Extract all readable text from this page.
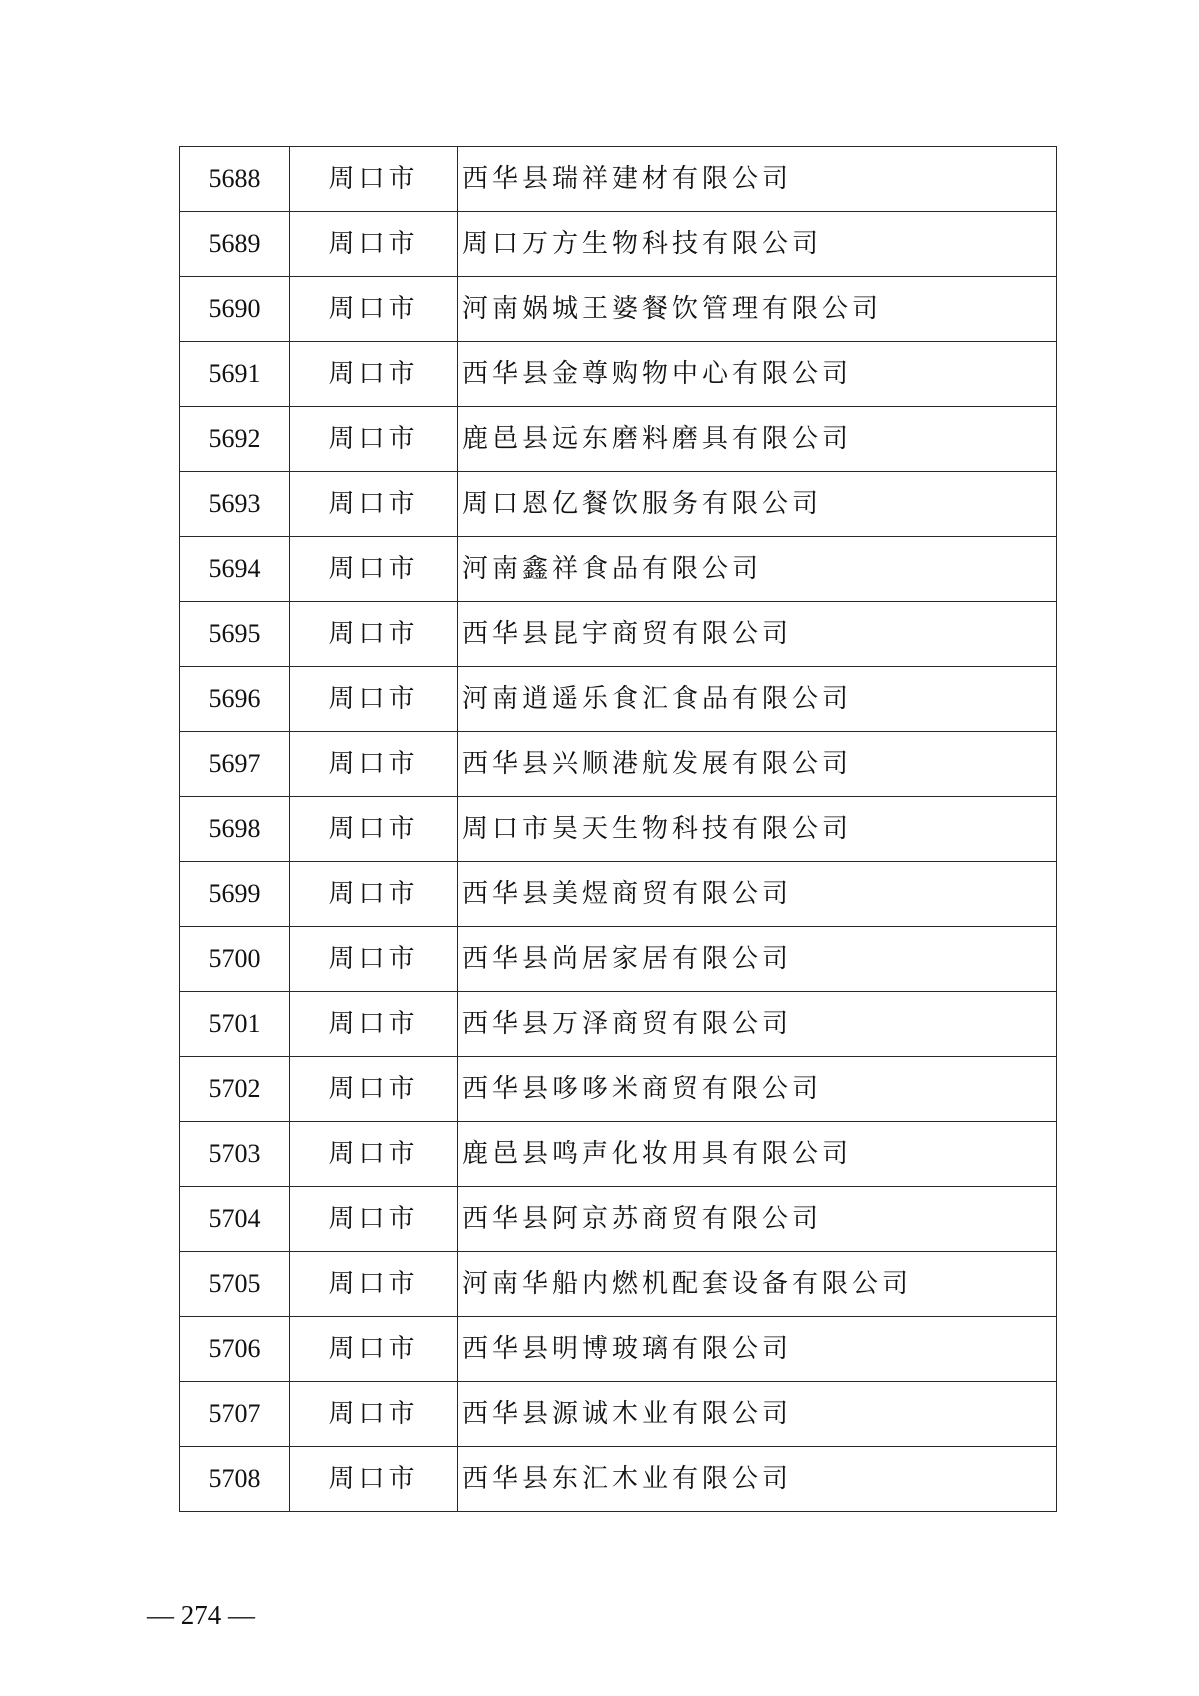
5688	周口市	西华县瑞祥建材有限公司
5689	周口市	周口万方生物科技有限公司
5690	周口市	河南娲城王婆餐饮管理有限公司
5691	周口市	西华县金尊购物中心有限公司
5692	周口市	鹿邑县远东磨料磨具有限公司
5693	周口市	周口恩亿餐饮服务有限公司
5694	周口市	河南鑫祥食品有限公司
5695	周口市	西华县昆宇商贸有限公司
5696	周口市	河南逍遥乐食汇食品有限公司
5697	周口市	西华县兴顺港航发展有限公司
5698	周口市	周口市昊天生物科技有限公司
5699	周口市	西华县美煜商贸有限公司
5700	周口市	西华县尚居家居有限公司
5701	周口市	西华县万泽商贸有限公司
5702	周口市	西华县哆哆米商贸有限公司
5703	周口市	鹿邑县鸣声化妆用具有限公司
5704	周口市	西华县阿京苏商贸有限公司
5705	周口市	河南华船内燃机配套设备有限公司
5706	周口市	西华县明博玻璃有限公司
5707	周口市	西华县源诚木业有限公司
5708	周口市	西华县东汇木业有限公司
— 274 —
